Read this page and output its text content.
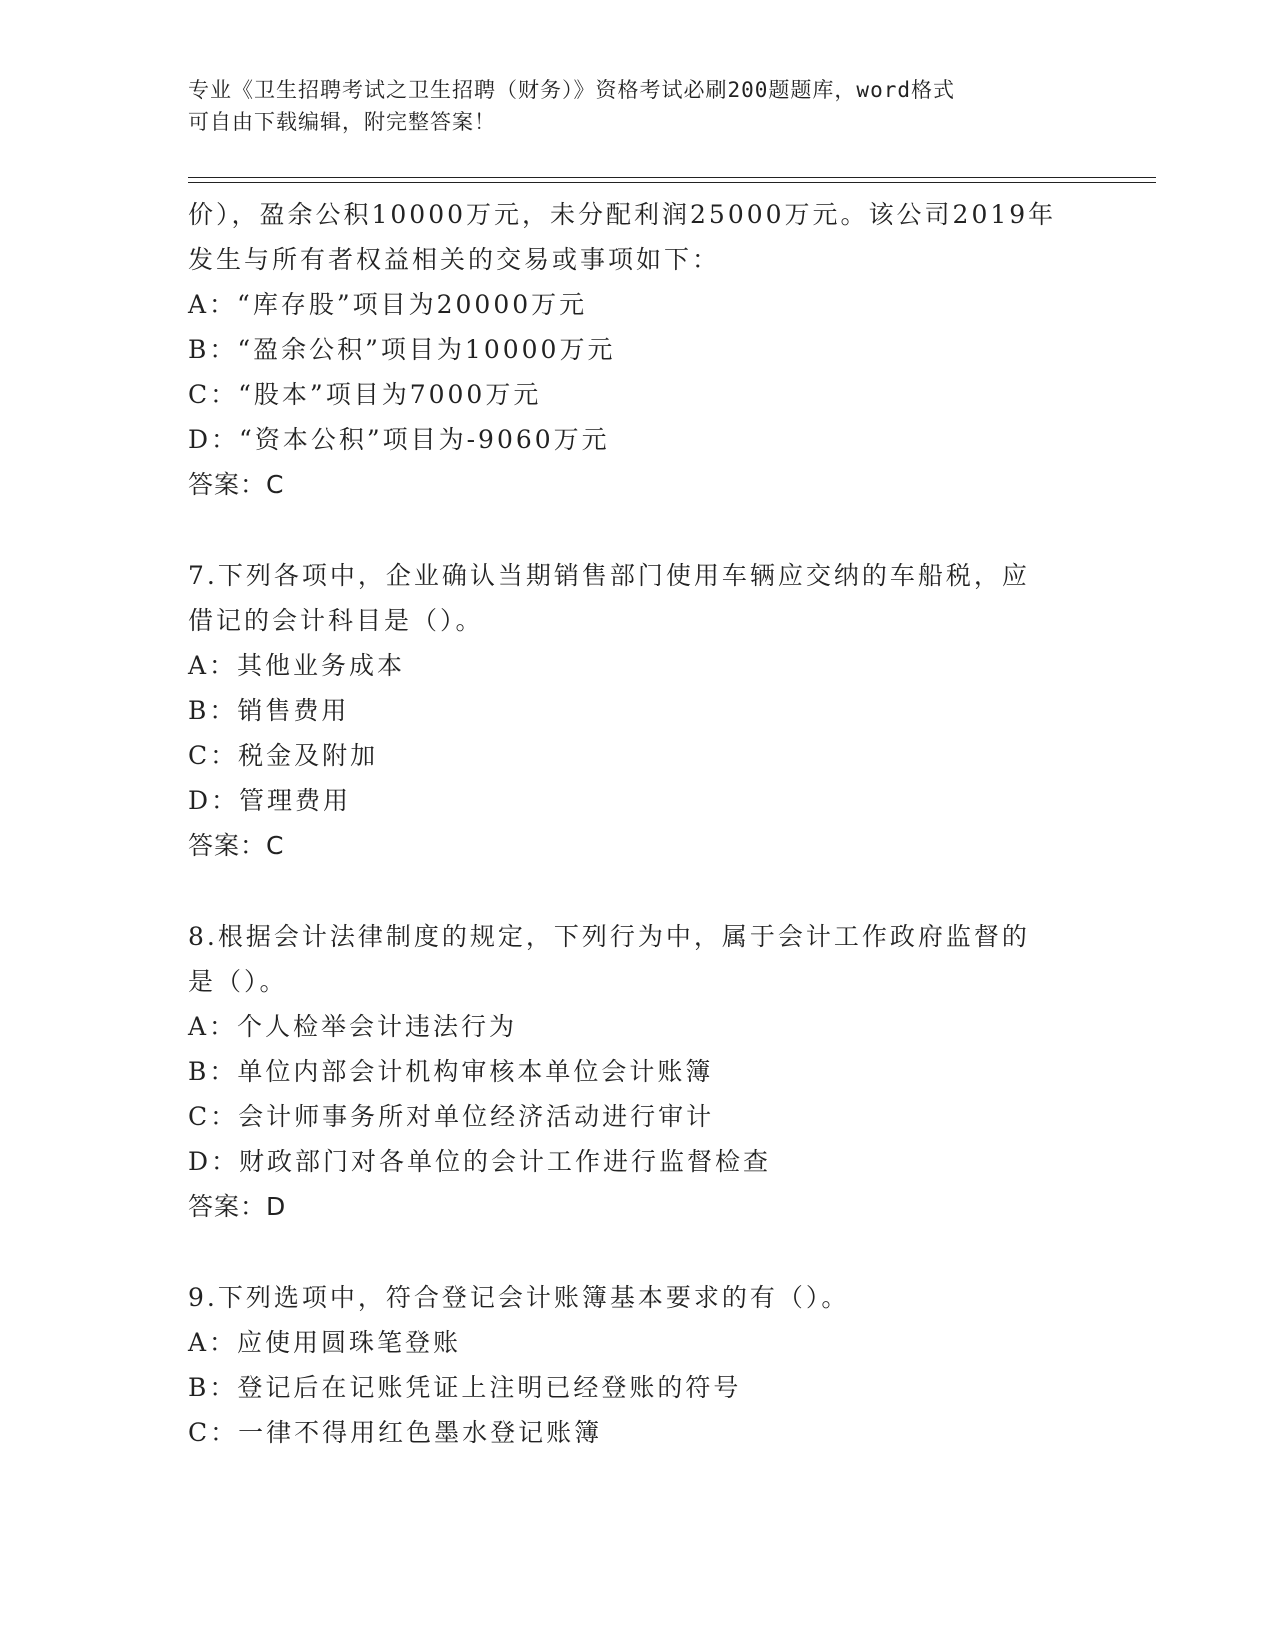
专业《卫生招聘考试之卫生招聘（财务）》资格考试必刷200题题库，word格式
可自由下载编辑，附完整答案！
价），盈余公积10000万元，未分配利润25000万元。该公司2019年
发生与所有者权益相关的交易或事项如下：
A：“库存股”项目为20000万元
B：“盈余公积”项目为10000万元
C：“股本”项目为7000万元
D：“资本公积”项目为-9060万元
答案：C
7.下列各项中，企业确认当期销售部门使用车辆应交纳的车船税，应
借记的会计科目是（）。
A：其他业务成本
B：销售费用
C：税金及附加
D：管理费用
答案：C
8.根据会计法律制度的规定，下列行为中，属于会计工作政府监督的
是（）。
A：个人检举会计违法行为
B：单位内部会计机构审核本单位会计账簿
C：会计师事务所对单位经济活动进行审计
D：财政部门对各单位的会计工作进行监督检查
答案：D
9.下列选项中，符合登记会计账簿基本要求的有（）。
A：应使用圆珠笔登账
B：登记后在记账凭证上注明已经登账的符号
C：一律不得用红色墨水登记账簿
